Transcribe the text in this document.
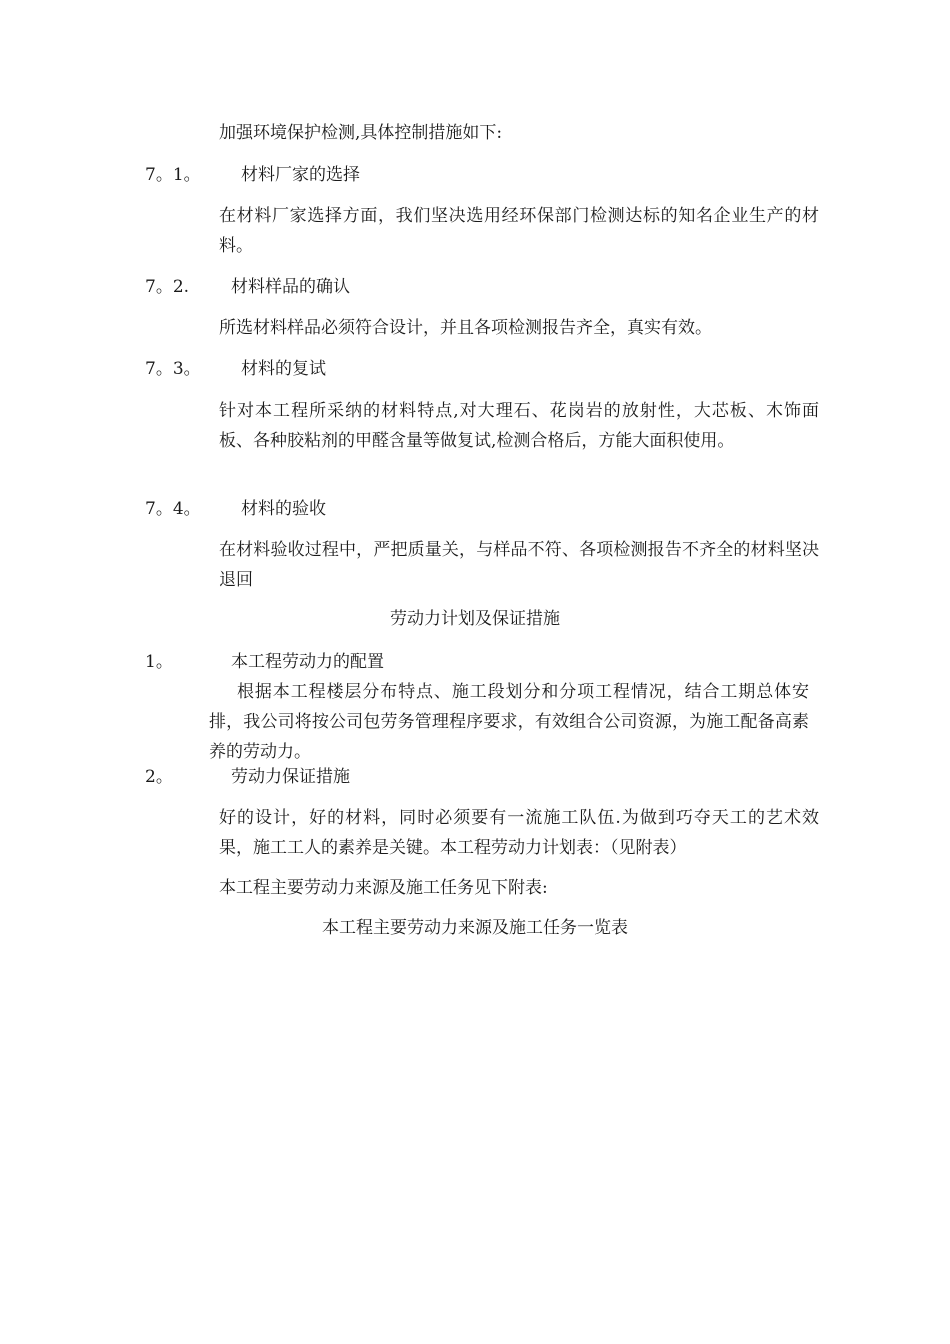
加强环境保护检测,具体控制措施如下:

7。1。 材料厂家的选择

在材料厂家选择方面，我们坚决选用经环保部门检测达标的知名企业生产的材料。

7。2. 材料样品的确认

所选材料样品必须符合设计，并且各项检测报告齐全，真实有效。

7。3。 材料的复试

针对本工程所采纳的材料特点,对大理石、花岗岩的放射性，大芯板、木饰面板、各种胶粘剂的甲醛含量等做复试,检测合格后，方能大面积使用。

7。4。 材料的验收

在材料验收过程中，严把质量关，与样品不符、各项检测报告不齐全的材料坚决退回

劳动力计划及保证措施

1。	本工程劳动力的配置

根据本工程楼层分布特点、施工段划分和分项工程情况，结合工期总体安排，我公司将按公司包劳务管理程序要求，有效组合公司资源，为施工配备高素养的劳动力。

2。	劳动力保证措施

好的设计，好的材料，同时必须要有一流施工队伍.为做到巧夺天工的艺术效果，施工工人的素养是关键。本工程劳动力计划表：（见附表）

本工程主要劳动力来源及施工任务见下附表:

本工程主要劳动力来源及施工任务一览表
